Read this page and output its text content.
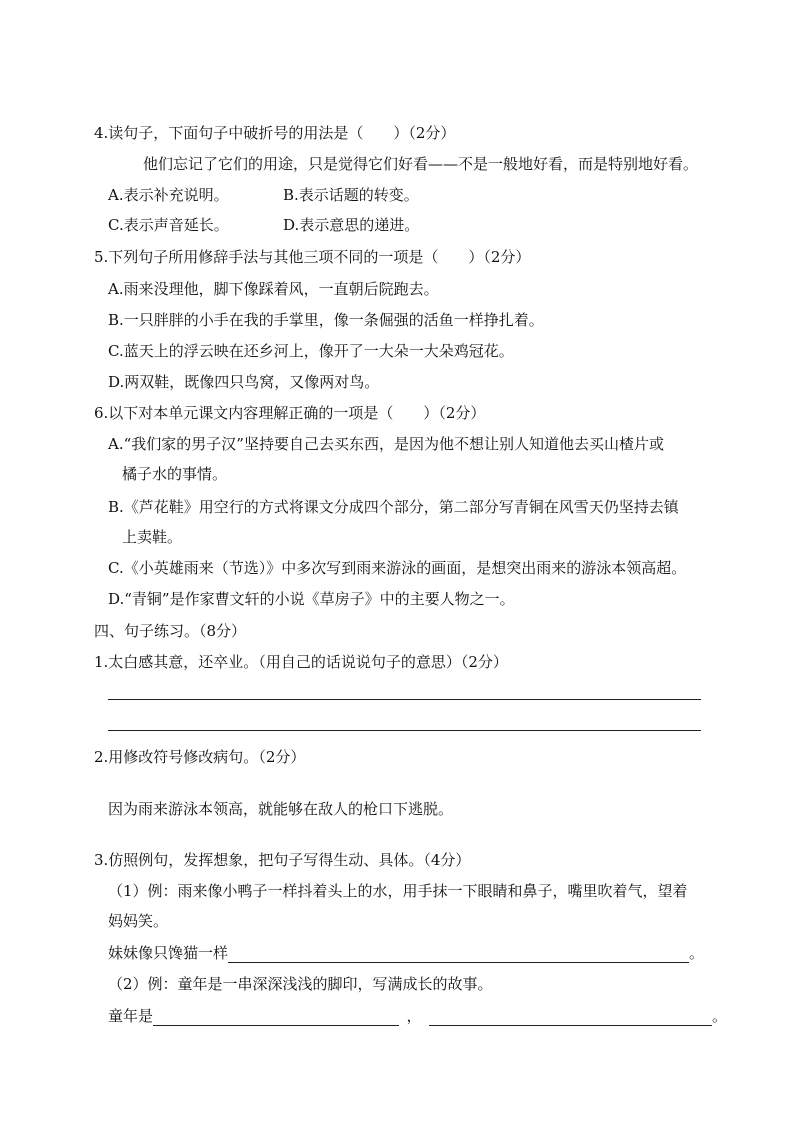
4.读句子，下面句子中破折号的用法是（　　）（2分）
他们忘记了它们的用途，只是觉得它们好看——不是一般地好看，而是特别地好看。
A.表示补充说明。	B.表示话题的转变。
C.表示声音延长。	D.表示意思的递进。
5.下列句子所用修辞手法与其他三项不同的一项是（　　）（2分）
A.雨来没理他，脚下像踩着风，一直朝后院跑去。
B.一只胖胖的小手在我的手掌里，像一条倔强的活鱼一样挣扎着。
C.蓝天上的浮云映在还乡河上，像开了一大朵一大朵鸡冠花。
D.两双鞋，既像四只鸟窝，又像两对鸟。
6.以下对本单元课文内容理解正确的一项是（　　）（2分）
A.“我们家的男子汉”坚持要自己去买东西，是因为他不想让别人知道他去买山楂片或
橘子水的事情。
B.《芦花鞋》用空行的方式将课文分成四个部分，第二部分写青铜在风雪天仍坚持去镇
上卖鞋。
C.《小英雄雨来（节选）》中多次写到雨来游泳的画面，是想突出雨来的游泳本领高超。
D.“青铜”是作家曹文轩的小说《草房子》中的主要人物之一。
四、句子练习。（8分）
1.太白感其意，还卒业。（用自己的话说说句子的意思）（2分）
2.用修改符号修改病句。（2分）
因为雨来游泳本领高，就能够在敌人的枪口下逃脱。
3.仿照例句，发挥想象，把句子写得生动、具体。（4分）
（1）例：雨来像小鸭子一样抖着头上的水，用手抹一下眼睛和鼻子，嘴里吹着气，望着
妈妈笑。
妹妹像只馋猫一样	。
（2）例：童年是一串深深浅浅的脚印，写满成长的故事。
童年是	，	。
